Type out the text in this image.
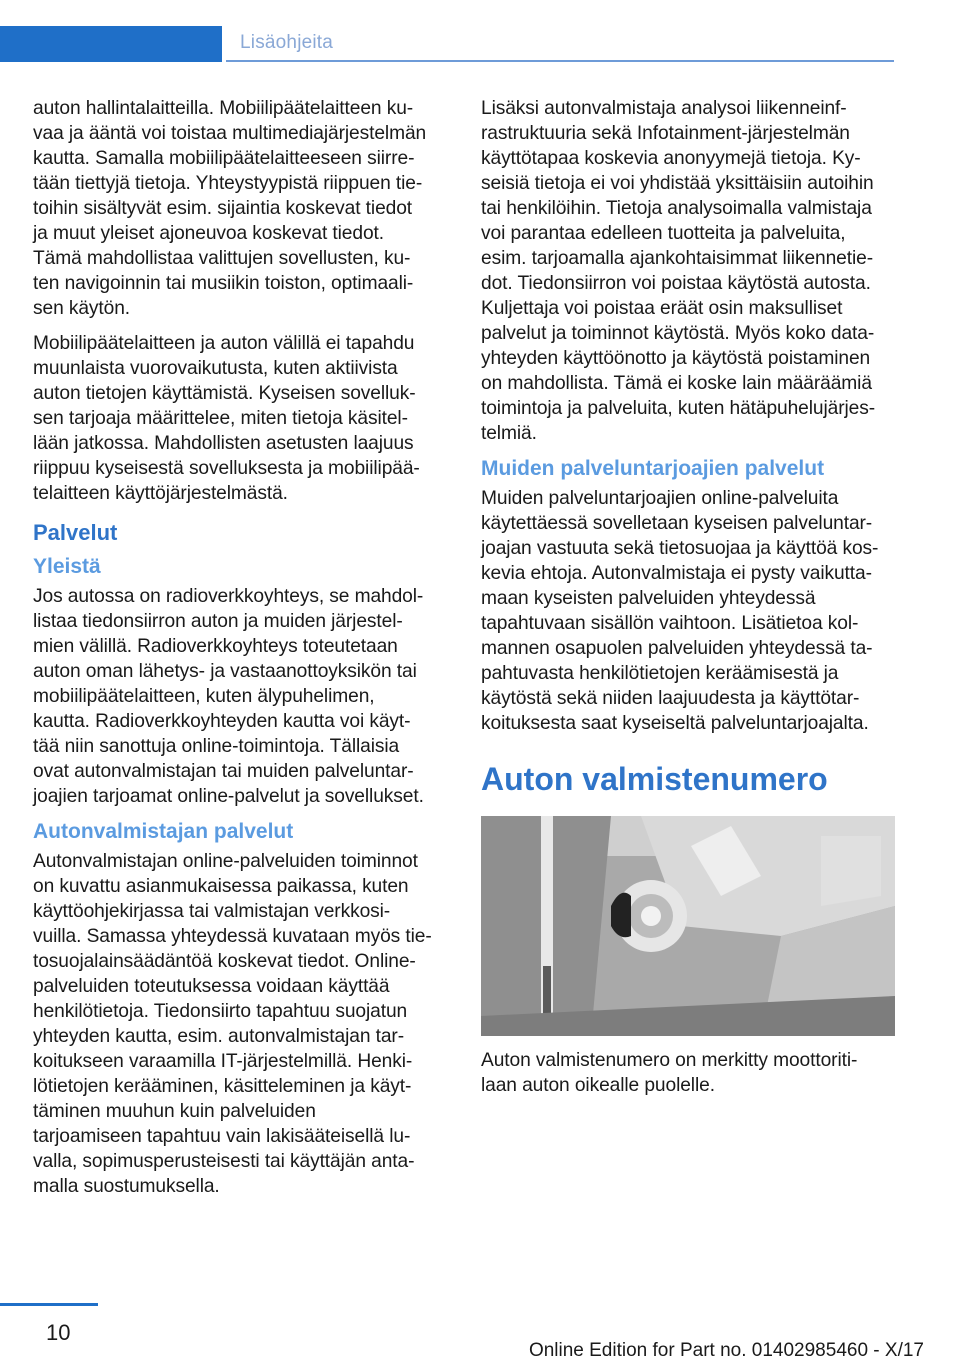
Lisäohjeita

auton hallintalaitteilla. Mobiilipäätelaitteen ku‐
vaa ja ääntä voi toistaa multimediajärjestelmän
kautta. Samalla mobiilipäätelaitteeseen siirre‐
tään tiettyjä tietoja. Yhteystyypistä riippuen tie‐
toihin sisältyvät esim. sijaintia koskevat tiedot
ja muut yleiset ajoneuvoa koskevat tiedot.
Tämä mahdollistaa valittujen sovellusten, ku‐
ten navigoinnin tai musiikin toiston, optimaali‐
sen käytön.

Mobiilipäätelaitteen ja auton välillä ei tapahdu
muunlaista vuorovaikutusta, kuten aktiivista
auton tietojen käyttämistä. Kyseisen sovelluk‐
sen tarjoaja määrittelee, miten tietoja käsitel‐
lään jatkossa. Mahdollisten asetusten laajuus
riippuu kyseisestä sovelluksesta ja mobiilipää‐
telaitteen käyttöjärjestelmästä.

Palvelut
Yleistä

Jos autossa on radioverkkoyhteys, se mahdol‐
listaa tiedonsiirron auton ja muiden järjestel‐
mien välillä. Radioverkkoyhteys toteutetaan
auton oman lähetys- ja vastaanottoyksikön tai
mobiilipäätelaitteen, kuten älypuhelimen,
kautta. Radioverkkoyhteyden kautta voi käyt‐
tää niin sanottuja online-toimintoja. Tällaisia
ovat autonvalmistajan tai muiden palveluntar‐
joajien tarjoamat online-palvelut ja sovellukset.

Autonvalmistajan palvelut

Autonvalmistajan online-palveluiden toiminnot
on kuvattu asianmukaisessa paikassa, kuten
käyttöohjekirjassa tai valmistajan verkkosi‐
vuilla. Samassa yhteydessä kuvataan myös tie‐
tosuojalainsäädäntöä koskevat tiedot. Online-
palveluiden toteutuksessa voidaan käyttää
henkilötietoja. Tiedonsiirto tapahtuu suojatun
yhteyden kautta, esim. autonvalmistajan tar‐
koitukseen varaamilla IT-järjestelmillä. Henki‐
lötietojen kerääminen, käsitteleminen ja käyt‐
täminen muuhun kuin palveluiden
tarjoamiseen tapahtuu vain lakisääteisellä lu‐
valla, sopimusperusteisesti tai käyttäjän anta‐
malla suostumuksella.

Lisäksi autonvalmistaja analysoi liikenneinf‐
rastruktuuria sekä Infotainment-järjestelmän
käyttötapaa koskevia anonyymejä tietoja. Ky‐
seisiä tietoja ei voi yhdistää yksittäisiin autoihin
tai henkilöihin. Tietoja analysoimalla valmistaja
voi parantaa edelleen tuotteita ja palveluita,
esim. tarjoamalla ajankohtaisimmat liikennetie‐
dot. Tiedonsiirron voi poistaa käytöstä autosta.
Kuljettaja voi poistaa eräät osin maksulliset
palvelut ja toiminnot käytöstä. Myös koko data‐
yhteyden käyttöönotto ja käytöstä poistaminen
on mahdollista. Tämä ei koske lain määräämiä
toimintoja ja palveluita, kuten hätäpuhelujärjes‐
telmiä.

Muiden palveluntarjoajien palvelut

Muiden palveluntarjoajien online-palveluita
käytettäessä sovelletaan kyseisen palveluntar‐
joajan vastuuta sekä tietosuojaa ja käyttöä kos‐
kevia ehtoja. Autonvalmistaja ei pysty vaikutta‐
maan kyseisten palveluiden yhteydessä
tapahtuvaan sisällön vaihtoon. Lisätietoa kol‐
mannen osapuolen palveluiden yhteydessä ta‐
pahtuvasta henkilötietojen keräämisestä ja
käytöstä sekä niiden laajuudesta ja käyttötar‐
koituksesta saat kyseiseltä palveluntarjoajalta.

Auton valmistenumero

Auton valmistenumero on merkitty moottoriti‐
laan auton oikealle puolelle.

10
Online Edition for Part no. 01402985460 - X/17
